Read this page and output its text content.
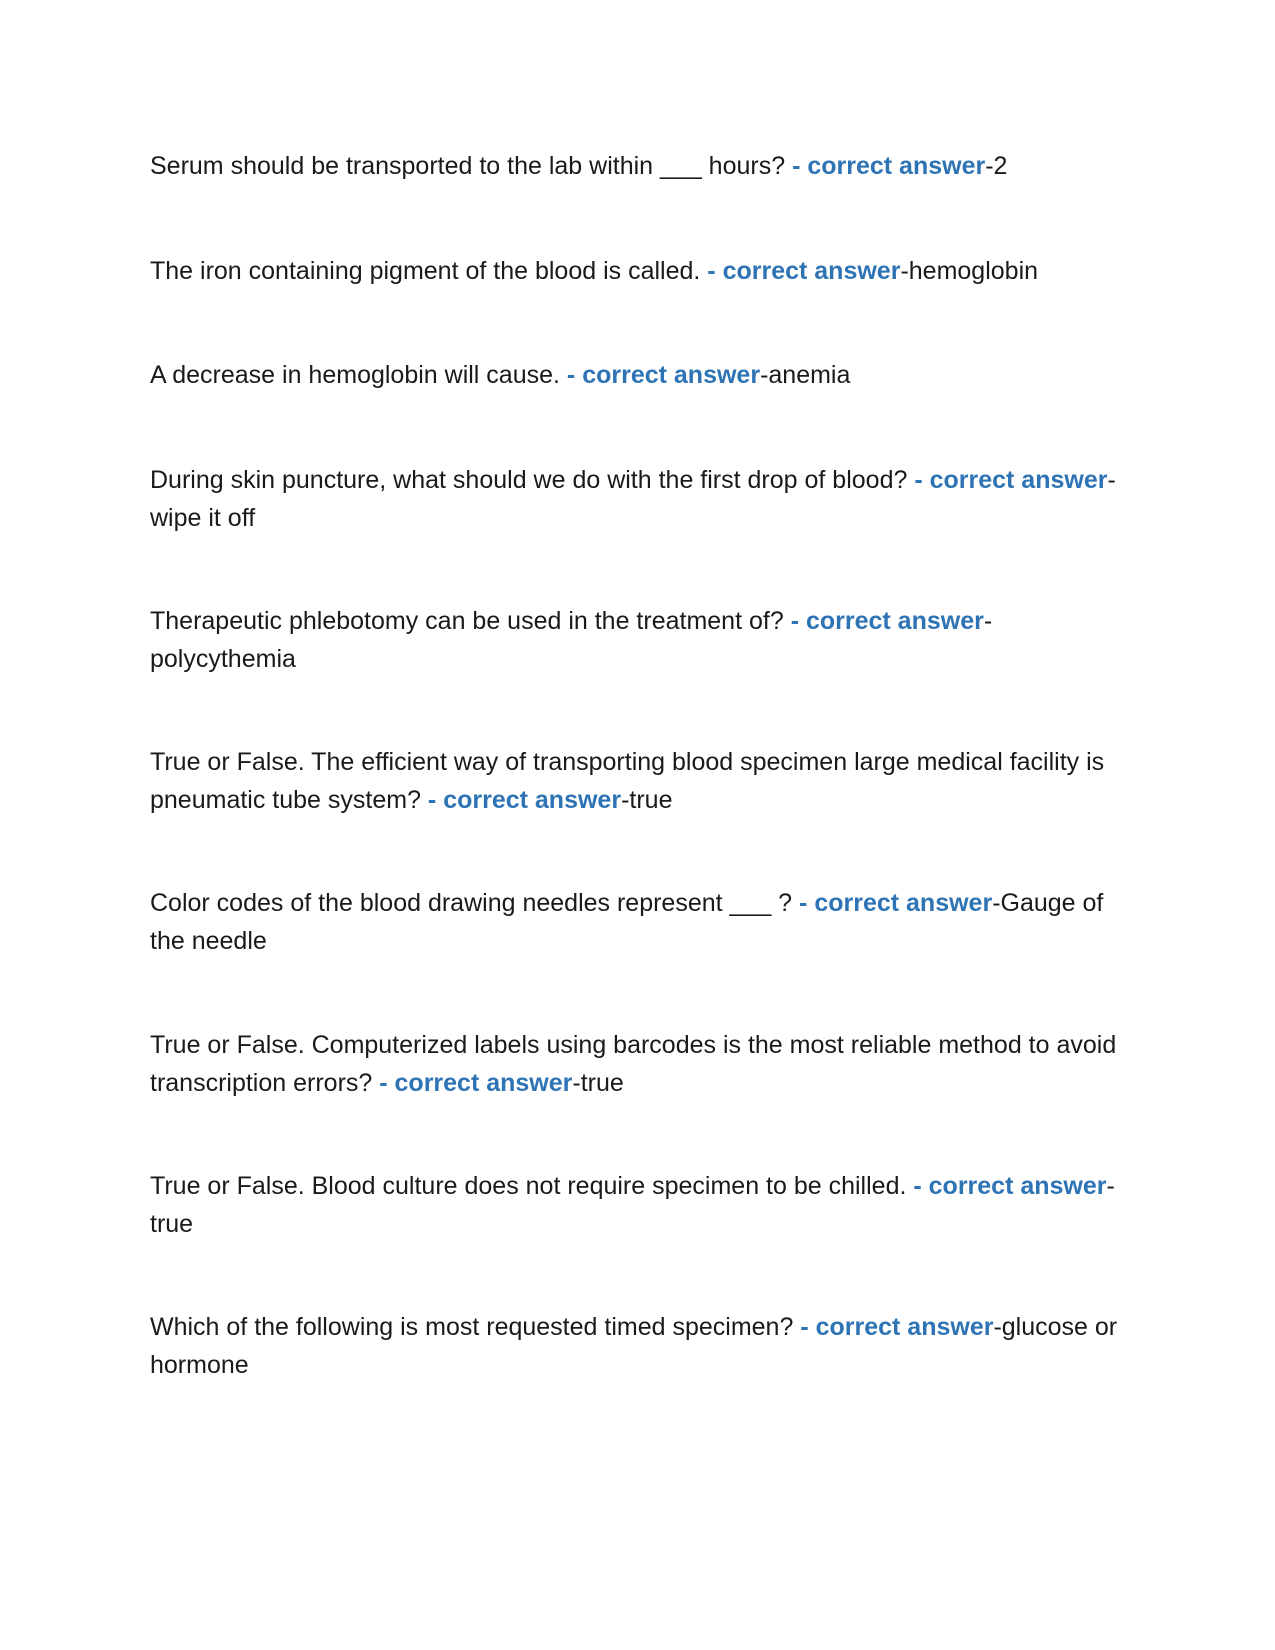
Serum should be transported to the lab within ___ hours? - correct answer-2

The iron containing pigment of the blood is called. - correct answer-hemoglobin

A decrease in hemoglobin will cause. - correct answer-anemia

During skin puncture, what should we do with the first drop of blood? - correct answer-wipe it off

Therapeutic phlebotomy can be used in the treatment of? - correct answer-polycythemia

True or False. The efficient way of transporting blood specimen large medical facility is pneumatic tube system? - correct answer-true

Color codes of the blood drawing needles represent ___ ? - correct answer-Gauge of the needle

True or False. Computerized labels using barcodes is the most reliable method to avoid transcription errors? - correct answer-true

True or False. Blood culture does not require specimen to be chilled. - correct answer-true

Which of the following is most requested timed specimen? - correct answer-glucose or hormone
